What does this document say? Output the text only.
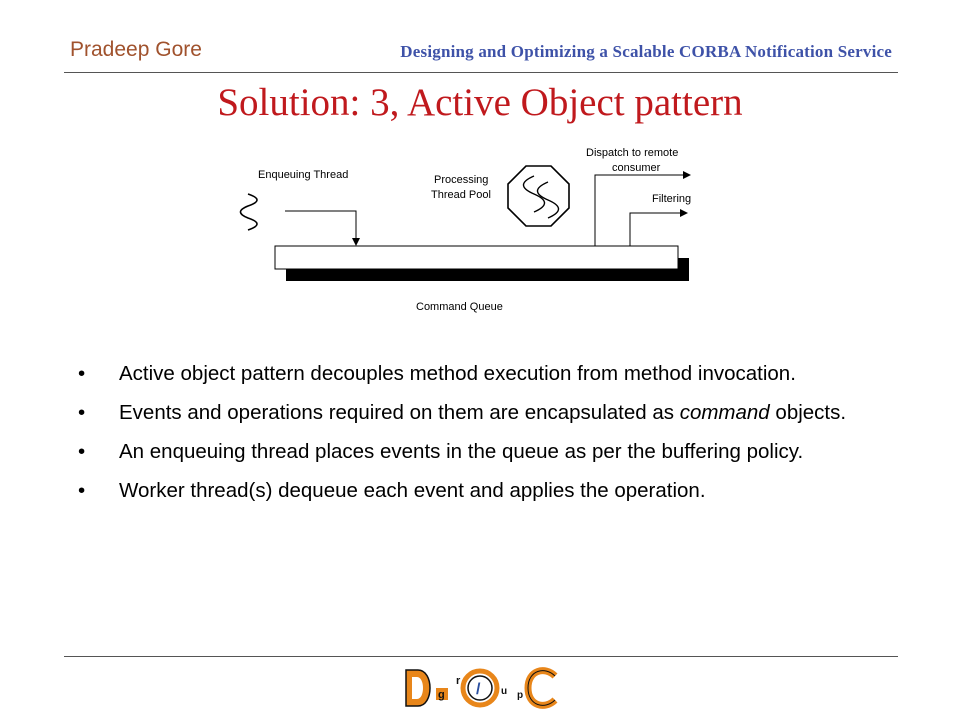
Pradeep Gore	Designing and Optimizing a Scalable CORBA Notification Service
Solution: 3, Active Object pattern
Command Queue
Enqueuing Thread	Processing
Thread Pool
Dispatch to remote
consumer
Filtering
• Active object pattern decouples method execution from method invocation.
• Events and operations required on them are encapsulated as command objects.
• An enqueuing thread places events in the queue as per the buffering policy.
• Worker thread(s) dequeue each event and applies the operation.
g
r / u p
